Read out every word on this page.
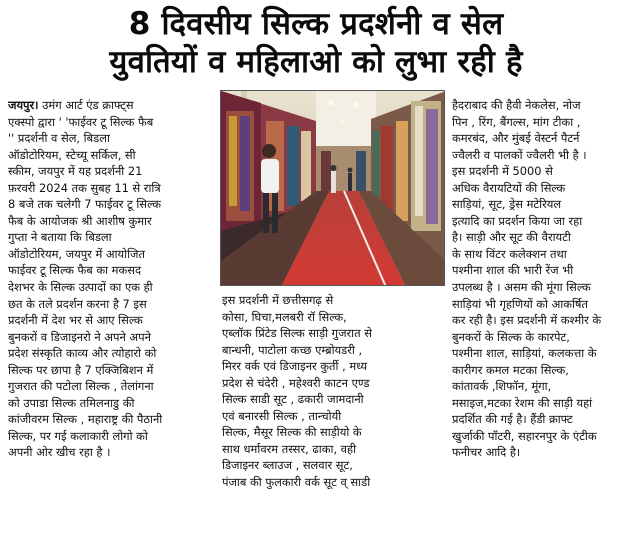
8 दिवसीय सिल्क प्रदर्शनी व सेल
युवतियों व महिलाओ को लुभा रही है
जयपुर। उमंग आर्ट एंड क्राफ्ट्स
एक्स्पो द्वारा ' 'फाईवर टू सिल्क फैब
'' प्रदर्शनी व सेल, बिडला
ऑडोटोरियम, स्टेच्यू सर्किल, सी
स्कीम, जयपुर में यह प्रदर्शनी 21
फ़रवरी 2024 तक सुबह 11 से रात्रि
8 बजे तक चलेगी 7 फाईवर टू सिल्क
फैब के आयोजक श्री आशीष कुमार
गुप्ता ने बताया कि बिडला
ऑडोटोरियम, जयपुर में आयोजित
फाईवर टू सिल्क फैब का मकसद
देशभर के सिल्क उत्पादों का एक ही
छत के तले प्रदर्शन करना है 7 इस
प्रदर्शनी में देश भर से आए सिल्क
बुनकरों व डिजाइनरो ने अपने अपने
प्रदेश संस्कृति काव्य और त्योहारो को
सिल्क पर छापा है 7 एक्जिबिशन में
गुजरात की पटोला सिल्क , तेलांगना
को उपाडा सिल्क तमिलनाडु की
कांजीवरम सिल्क , महाराष्ट्र की पैठानी
सिल्क, पर गई कलाकारी लोगो को
अपनी ओर खीच रहा है ।
इस प्रदर्शनी में छत्तीसगढ़ से
कोसा, घिचा,मलबरी रॉ सिल्क,
एब्लॉक प्रिंटेड सिल्क साड़ी गुजरात से
बान्धनी, पाटोला कच्छ एम्ब्रोयडरी ,
मिरर वर्क एवं डिजाइनर कुर्ती , मध्य
प्रदेश से चंदेरी , महेश्वरी काटन एण्ड
सिल्क साडी सूट , ढकारी जामदानी
एवं बनारसी सिल्क , तान्चोयी
सिल्क, मैसूर सिल्क की साड़ीयो के
साथ धर्मावरम तस्सर, ढाका, वही
डिजाइनर ब्लाउज , सलवार सूट,
पंजाब की फुलकारी वर्क सूट व् साडी
हैदराबाद की हैवी नेकलेस, नोज
पिन , रिंग, बैंगल्स, मांग टीका ,
कमरबंद, और मुंबई वेस्टर्न पैटर्न
ज्वैलरी व पालकों ज्वैलरी भी है ।
इस प्रदर्शनी में 5000 से
अधिक वैरायटियों की सिल्क
साड़ियां, सूट, ड्रेस मटेरियल
इत्यादि का प्रदर्शन किया जा रहा
है। साड़ी और सूट की वैरायटी
के साथ विंटर कलेक्शन तथा
पश्मीना शाल की भारी रेंज भी
उपलब्ध है । असम की मूंगा सिल्क
साड़ियां भी गृहणियों को आकर्षित
कर रही है। इस प्रदर्शनी में कश्मीर के
बुनकरों के सिल्क के कारपेट,
पश्मीना शाल, साड़ियां, कलकत्ता के
कारीगर कमल मटका सिल्क,
कांतावर्क ,शिफॉन, मूंगा,
मसाइज,मटका रेशम की साड़ी यहां
प्रदर्शित की गई है। हैंडी क्राफ्ट
खुर्जाकी पॉटरी, सहारनपुर के एंटीक
फनीचर आदि है।
